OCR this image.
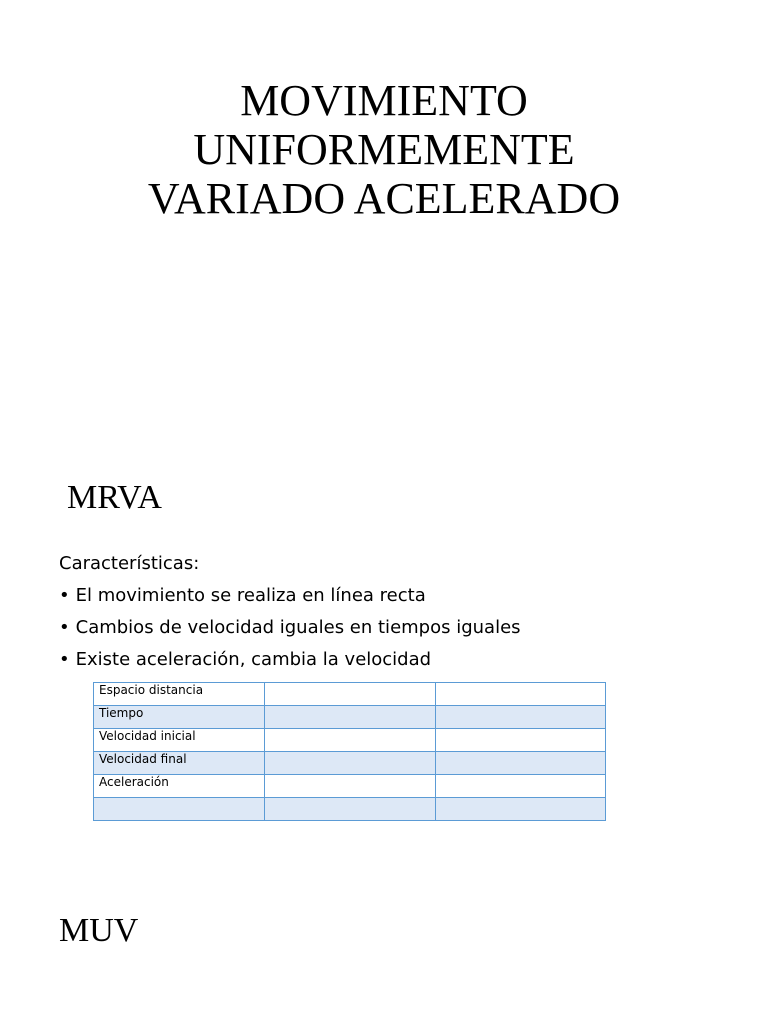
MOVIMIENTO
UNIFORMEMENTE
VARIADO ACELERADO
MRVA
Características:
• El movimiento se realiza en línea recta
• Cambios de velocidad iguales en tiempos iguales
• Existe aceleración, cambia la velocidad
Espacio distancia		
Tiempo		
Velocidad inicial		
Velocidad final		
Aceleración		

MUV
